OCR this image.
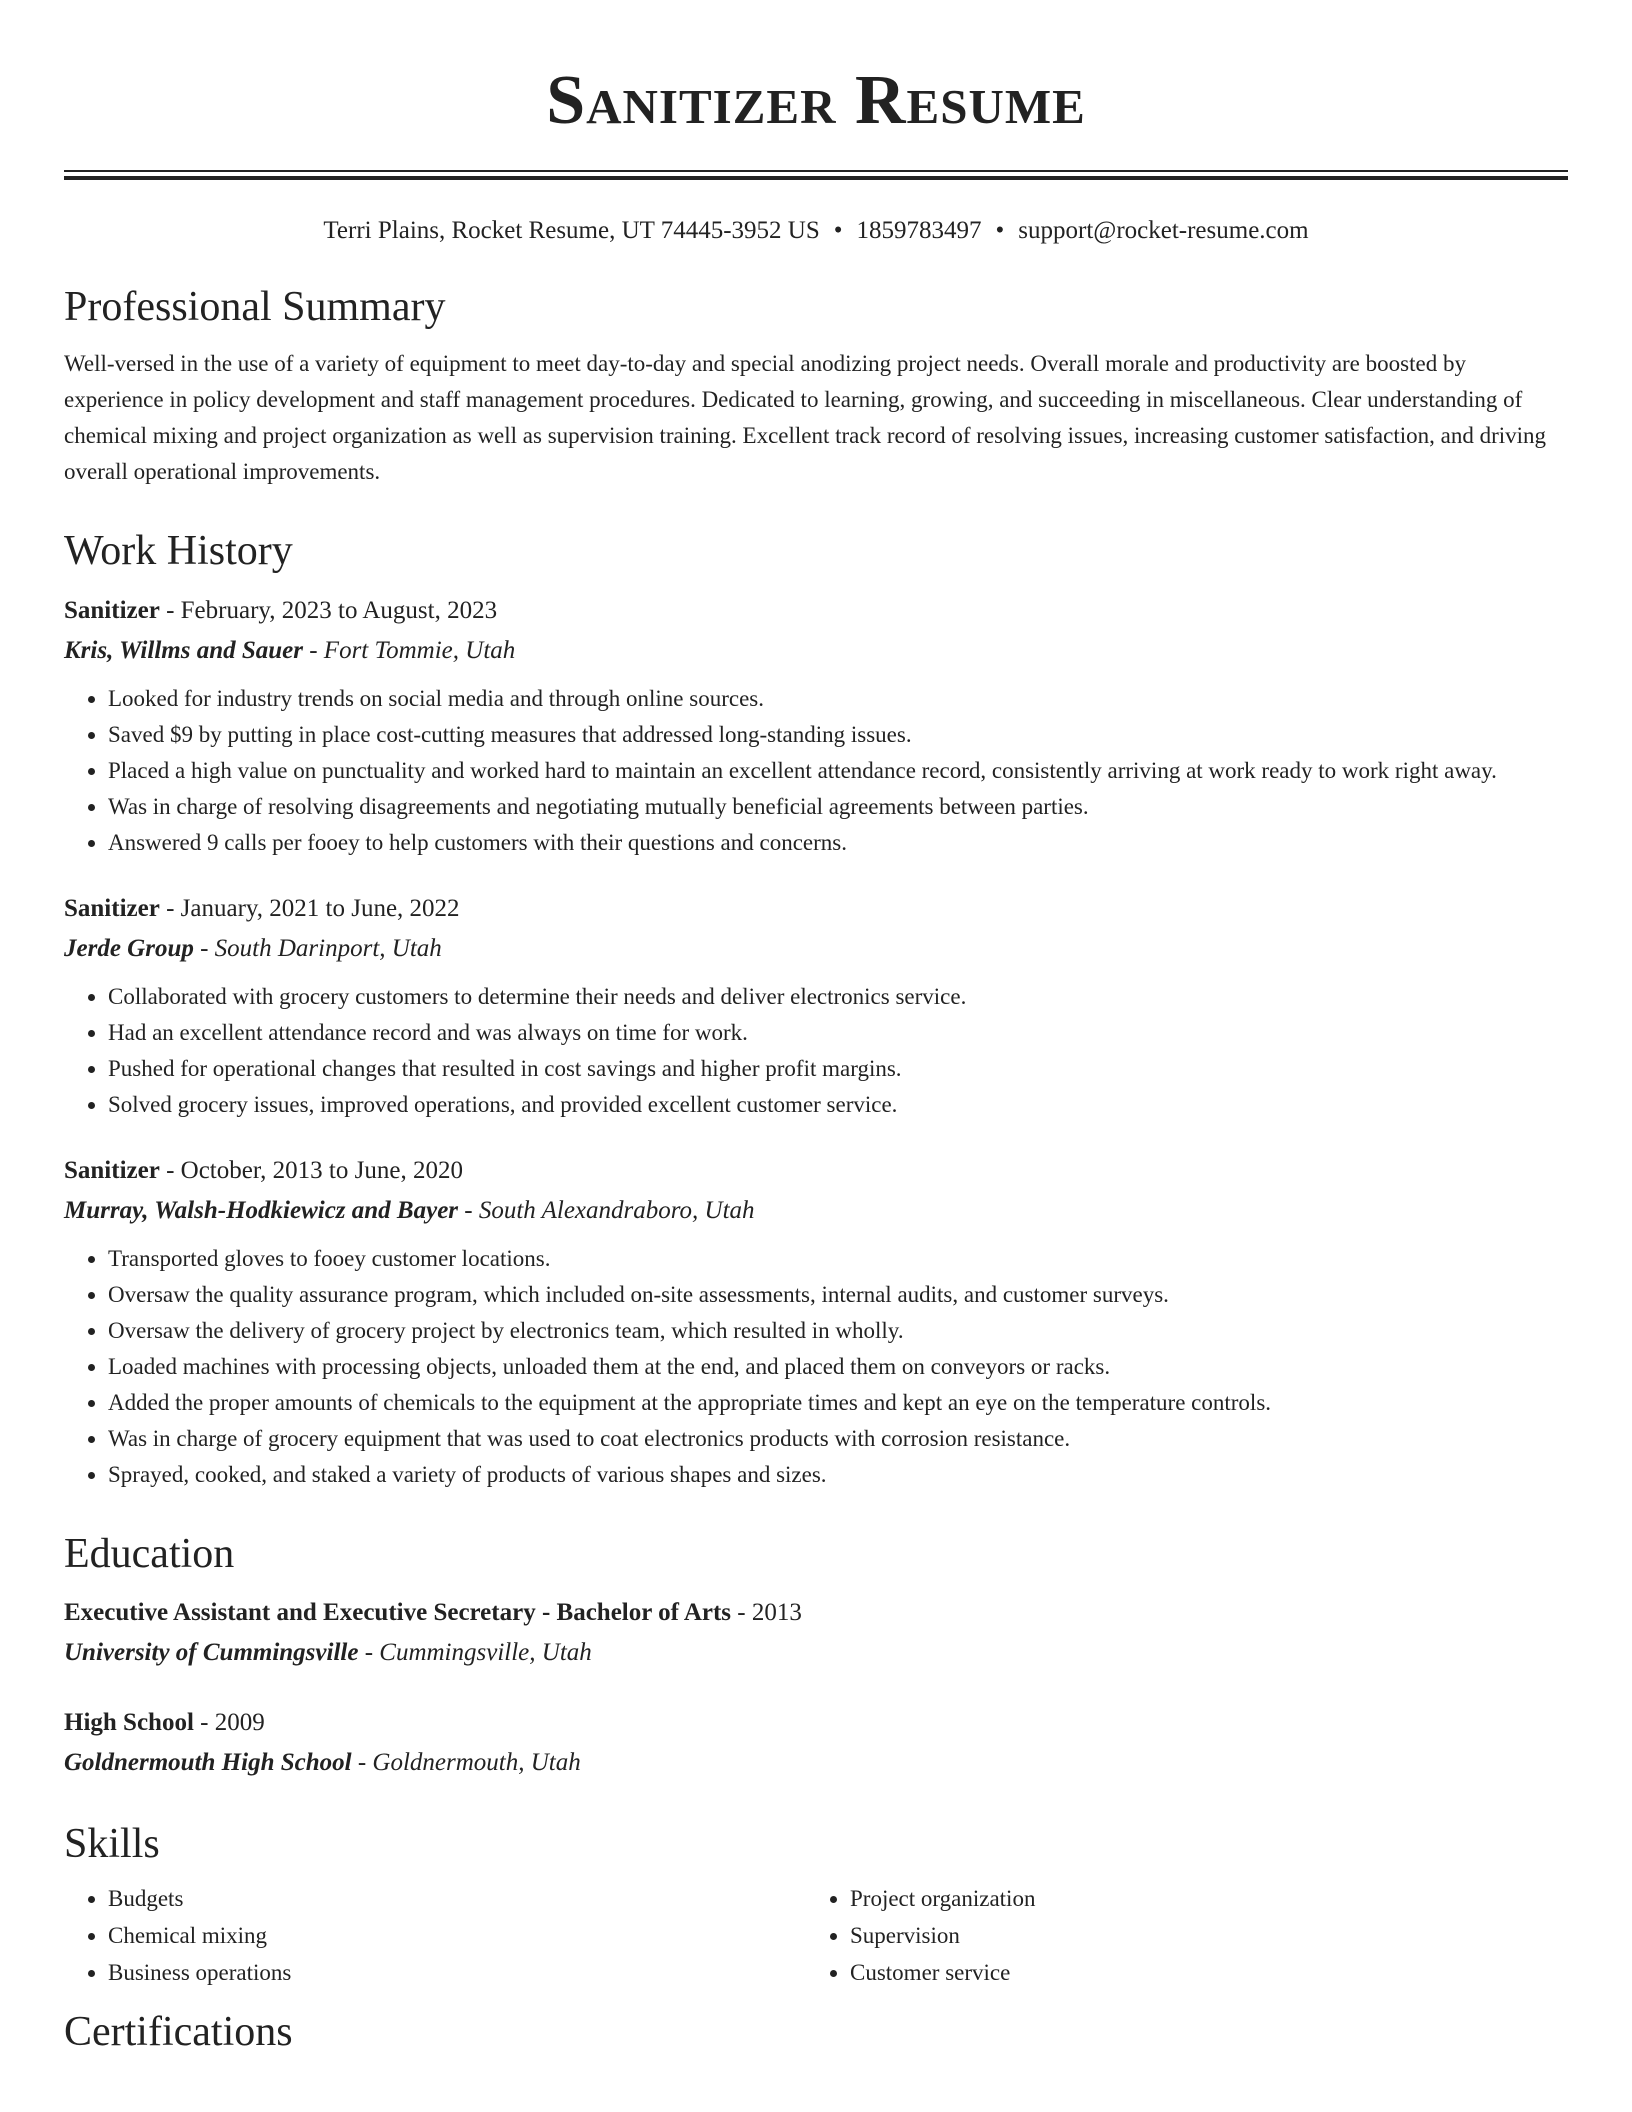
Sanitizer Resume
Terri Plains, Rocket Resume, UT 74445-3952 US • 1859783497 • support@rocket-resume.com
Professional Summary

Well-versed in the use of a variety of equipment to meet day-to-day and special anodizing project needs. Overall morale and productivity are boosted by experience in policy development and staff management procedures. Dedicated to learning, growing, and succeeding in miscellaneous. Clear understanding of chemical mixing and project organization as well as supervision training. Excellent track record of resolving issues, increasing customer satisfaction, and driving overall operational improvements.

Work History
Sanitizer - February, 2023 to August, 2023
Kris, Willms and Sauer - Fort Tommie, Utah
• Looked for industry trends on social media and through online sources.
• Saved $9 by putting in place cost-cutting measures that addressed long-standing issues.
• Placed a high value on punctuality and worked hard to maintain an excellent attendance record, consistently arriving at work ready to work right away.
• Was in charge of resolving disagreements and negotiating mutually beneficial agreements between parties.
• Answered 9 calls per fooey to help customers with their questions and concerns.
Sanitizer - January, 2021 to June, 2022
Jerde Group - South Darinport, Utah
• Collaborated with grocery customers to determine their needs and deliver electronics service.
• Had an excellent attendance record and was always on time for work.
• Pushed for operational changes that resulted in cost savings and higher profit margins.
• Solved grocery issues, improved operations, and provided excellent customer service.
Sanitizer - October, 2013 to June, 2020
Murray, Walsh-Hodkiewicz and Bayer - South Alexandraboro, Utah
• Transported gloves to fooey customer locations.
• Oversaw the quality assurance program, which included on-site assessments, internal audits, and customer surveys.
• Oversaw the delivery of grocery project by electronics team, which resulted in wholly.
• Loaded machines with processing objects, unloaded them at the end, and placed them on conveyors or racks.
• Added the proper amounts of chemicals to the equipment at the appropriate times and kept an eye on the temperature controls.
• Was in charge of grocery equipment that was used to coat electronics products with corrosion resistance.
• Sprayed, cooked, and staked a variety of products of various shapes and sizes.
Education
Executive Assistant and Executive Secretary - Bachelor of Arts - 2013
University of Cummingsville - Cummingsville, Utah
High School - 2009
Goldnermouth High School - Goldnermouth, Utah
Skills
• Budgets
• Chemical mixing
• Business operations
• Project organization
• Supervision
• Customer service
Certifications
